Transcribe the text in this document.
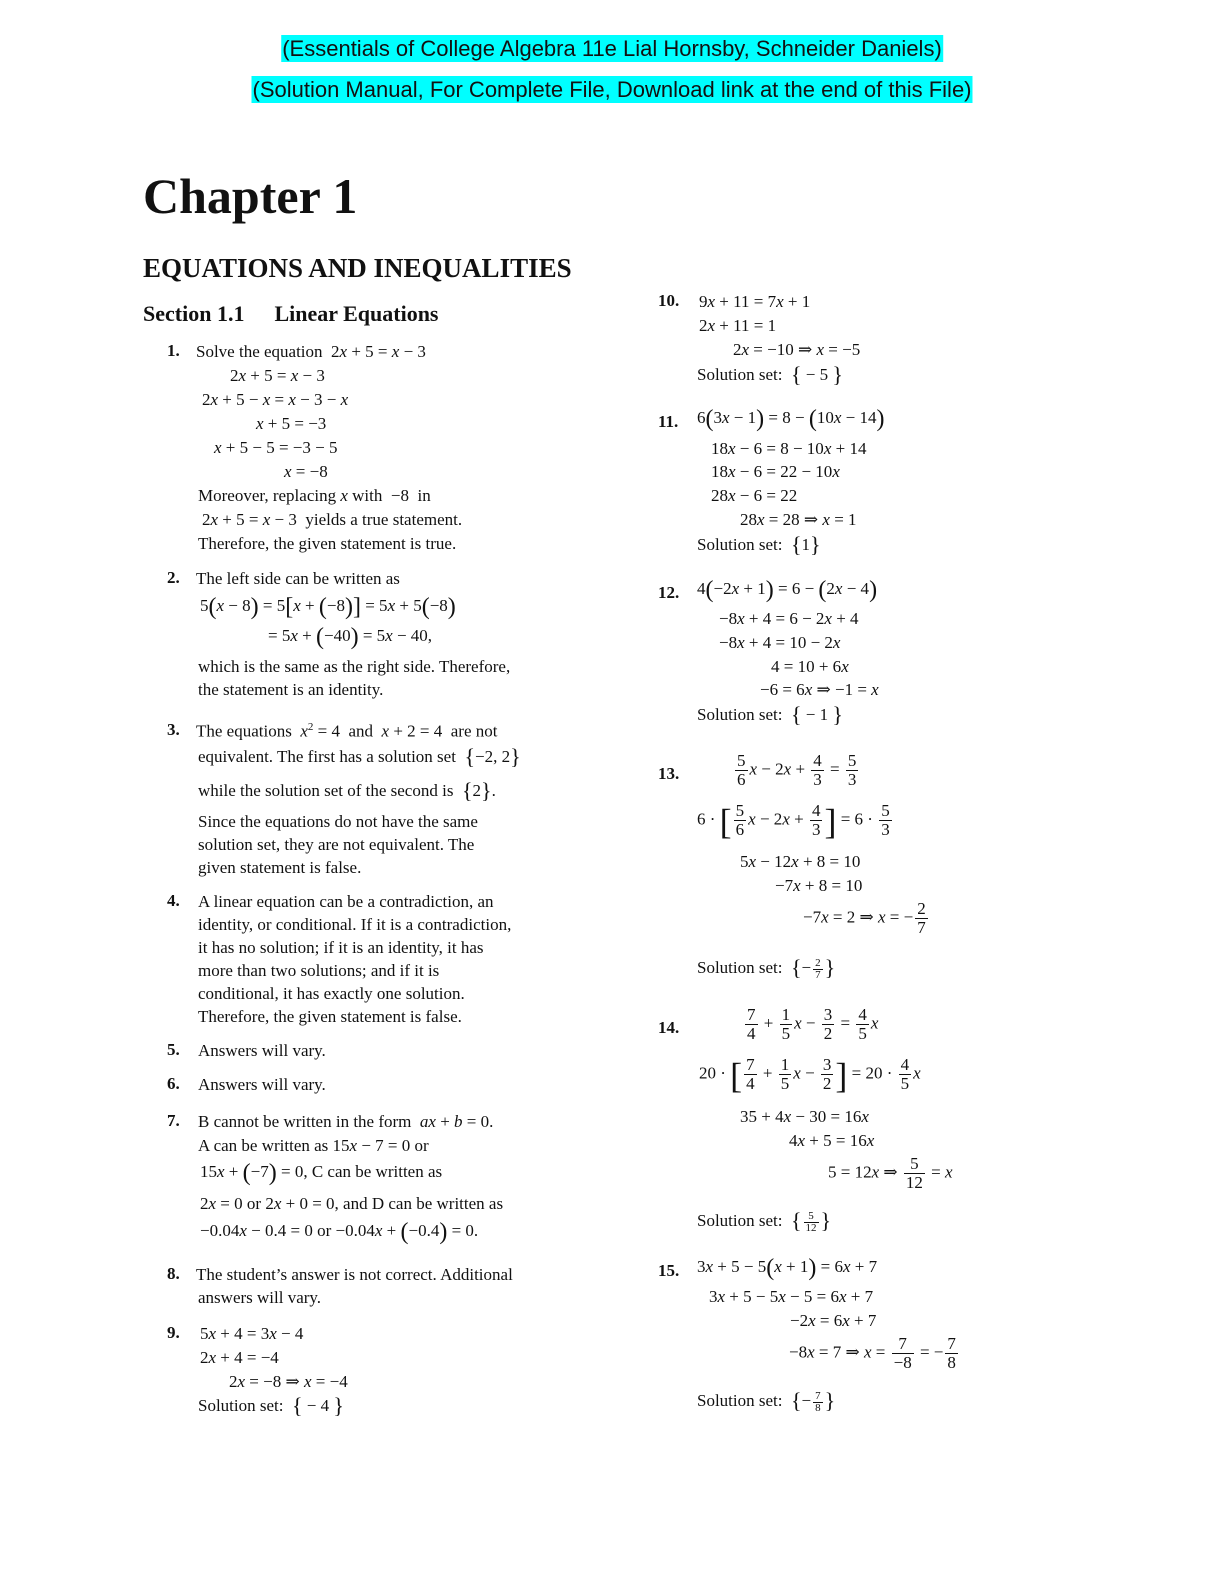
(Essentials of College Algebra 11e Lial Hornsby, Schneider Daniels)
(Solution Manual, For Complete File, Download link at the end of this File)
Chapter 1
EQUATIONS AND INEQUALITIES
Section 1.1 Linear Equations
1. Solve the equation  2x + 5 = x − 3
2x + 5 = x − 3
2x + 5 − x = x − 3 − x
x + 5 = −3
x + 5 − 5 = −3 − 5
x = −8
Moreover, replacing x with  −8  in
2x + 5 = x − 3  yields a true statement.
Therefore, the given statement is true.
2. The left side can be written as
5(x − 8) = 5[x + (−8)] = 5x + 5(−8)
= 5x + (−40) = 5x − 40,
which is the same as the right side. Therefore,
the statement is an identity.
3. The equations $x^2 = 4$  and x + 2 = 4  are not
equivalent. The first has a solution set {−2, 2}
while the solution set of the second is {2}.
Since the equations do not have the same
solution set, they are not equivalent. The
given statement is false.
4. A linear equation can be a contradiction, an
identity, or conditional. If it is a contradiction,
it has no solution; if it is an identity, it has
more than two solutions; and if it is
conditional, it has exactly one solution.
Therefore, the given statement is false.
5. Answers will vary.
6. Answers will vary.
7. B cannot be written in the form ax + b = 0.
A can be written as 15x − 7 = 0 or
15x + (−7) = 0, C can be written as
2x = 0 or 2x + 0 = 0, and D can be written as
−0.04x − 0.4 = 0 or −0.04x + (−0.4) = 0.
8. The student’s answer is not correct. Additional
answers will vary.
9. 5x + 4 = 3x − 4
2x + 4 = −4
2x = −8 ⇒ x = −4
Solution set: { − 4 }
10. 9x + 11 = 7x + 1
2x + 11 = 1
2x = −10 ⇒ x = −5
Solution set: { − 5 }
11. 6(3x − 1) = 8 − (10x − 14)
18x − 6 = 8 − 10x + 14
18x − 6 = 22 − 10x
28x − 6 = 22
28x = 28 ⇒ x = 1
Solution set: {1}
12. 4(−2x + 1) = 6 − (2x − 4)
−8x + 4 = 6 − 2x + 4
−8x + 4 = 10 − 2x
4 = 10 + 6x
−6 = 6x ⇒ −1 = x
Solution set: { − 1 }
13.	$\frac{5}{6}$ $x - 2x + \frac{4}{3} = \frac{5}{3}$
6 · [ $\frac{5}{6}$ $x - 2x + \frac{4}{3}$ ] = $6 \cdot \frac{5}{3}$
5x − 12x + 8 = 10
−7x + 8 = 10
−7x = 2 ⇒ x = − $\frac{2}{7}$
Solution set: {− $\frac{2}{7}$ }
14.	$\frac{7}{4} + \frac{1}{5}$ $x - \frac{3}{2} = \frac{4}{5}$ x
20 · [ $\frac{7}{4} + \frac{1}{5}$ $x - \frac{3}{2}$ ] = $20 \cdot \frac{4}{5}$ x
35 + 4x − 30 = 16x
4x + 5 = 16x
5 = 12x ⇒ $\frac{5}{12} = x$
Solution set: { $\frac{5}{12}$ }
15. 3x + 5 − 5(x + 1) = 6x + 7
3x + 5 − 5x − 5 = 6x + 7
−2x = 6x + 7
−8x = 7 ⇒ $x = \frac{7}{-8}$ = − $\frac{7}{8}$
Solution set: {− $\frac{7}{8}$ }
